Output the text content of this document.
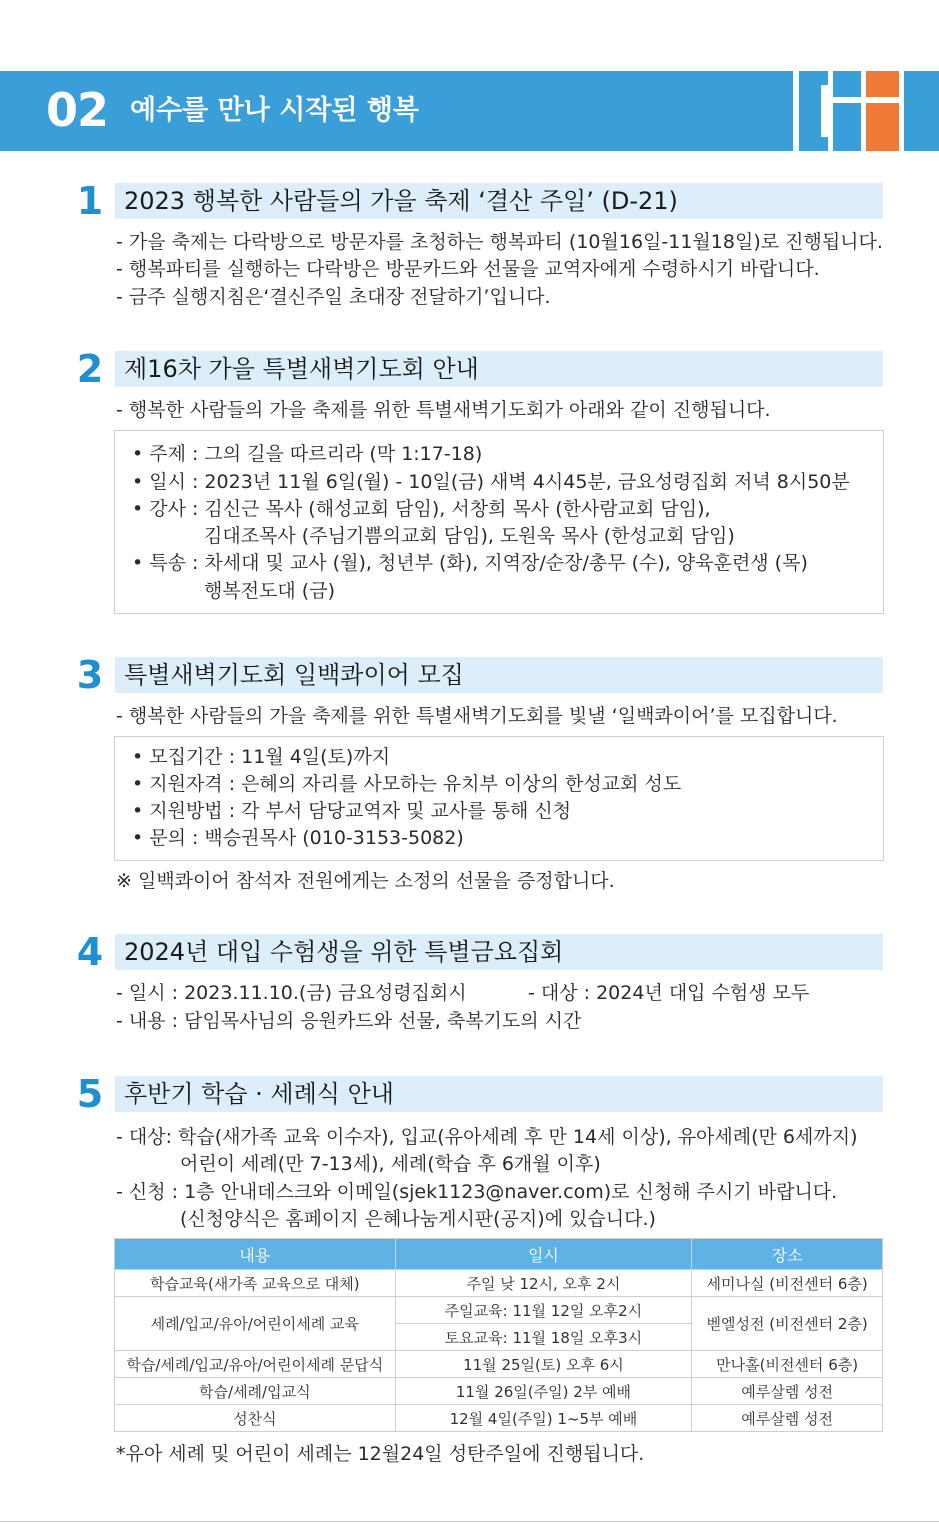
02 예수를 만나 시작된 행복
1 2023 행복한 사람들의 가을 축제 ‘결산 주일’ (D-21)
- 가을 축제는 다락방으로 방문자를 초청하는 행복파티 (10월16일-11월18일)로 진행됩니다.
- 행복파티를 실행하는 다락방은 방문카드와 선물을 교역자에게 수령하시기 바랍니다.
- 금주 실행지침은‘결신주일 초대장 전달하기’입니다.
2 제16차 가을 특별새벽기도회 안내
- 행복한 사람들의 가을 축제를 위한 특별새벽기도회가 아래와 같이 진행됩니다.
• 주제 : 그의 길을 따르리라 (막 1:17-18)
• 일시 : 2023년 11월 6일(월) - 10일(금) 새벽 4시45분, 금요성령집회 저녁 8시50분
• 강사 : 김신근 목사 (해성교회 담임), 서창희 목사 (한사람교회 담임),
김대조목사 (주님기쁨의교회 담임), 도원욱 목사 (한성교회 담임)
• 특송 : 차세대 및 교사 (월), 청년부 (화), 지역장/순장/총무 (수), 양육훈련생 (목)
행복전도대 (금)
3 특별새벽기도회 일백콰이어 모집
- 행복한 사람들의 가을 축제를 위한 특별새벽기도회를 빛낼 ‘일백콰이어’를 모집합니다.
• 모집기간 : 11월 4일(토)까지
• 지원자격 : 은혜의 자리를 사모하는 유치부 이상의 한성교회 성도
• 지원방법 : 각 부서 담당교역자 및 교사를 통해 신청
• 문의 : 백승권목사 (010-3153-5082)
※ 일백콰이어 참석자 전원에게는 소정의 선물을 증정합니다.
4 2024년 대입 수험생을 위한 특별금요집회
- 일시 : 2023.11.10.(금) 금요성령집회시	- 대상 : 2024년 대입 수험생 모두
- 내용 : 담임목사님의 응원카드와 선물, 축복기도의 시간
5 후반기 학습 · 세례식 안내
- 대상: 학습(새가족 교육 이수자), 입교(유아세례 후 만 14세 이상), 유아세례(만 6세까지)
어린이 세례(만 7-13세), 세례(학습 후 6개월 이후)
- 신청 : 1층 안내데스크와 이메일(sjek1123@naver.com)로 신청해 주시기 바랍니다.
(신청양식은 홈페이지 은혜나눔게시판(공지)에 있습니다.)
내용	일시	장소
학습교육(새가족 교육으로 대체)	주일 낮 12시, 오후 2시	세미나실 (비전센터 6층)
세례/입교/유아/어린이세례 교육	주일교육: 11월 12일 오후2시	벧엘성전 (비전센터 2층)
	토요교육: 11월 18일 오후3시	
학습/세례/입교/유아/어린이세례 문답식	11월 25일(토) 오후 6시	만나홀(비전센터 6층)
학습/세례/입교식	11월 26일(주일) 2부 예배	예루살렘 성전
성찬식	12월 4일(주일) 1~5부 예배	예루살렘 성전
*유아 세례 및 어린이 세례는 12월24일 성탄주일에 진행됩니다.
